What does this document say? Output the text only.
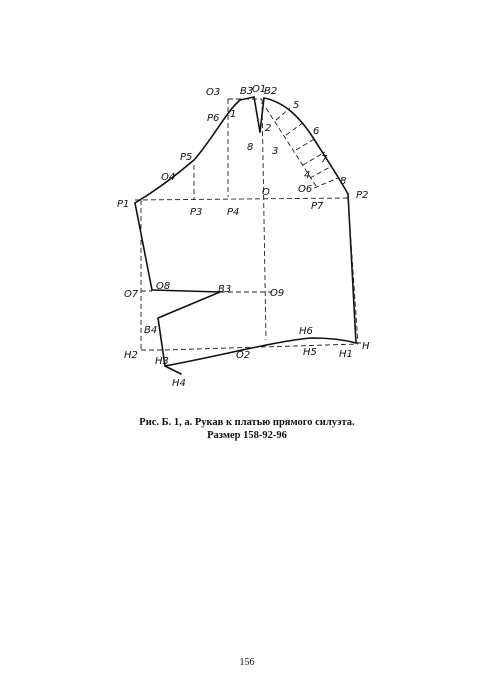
O3 B3
O1
B2
P6 1
2
5
6
8 3
7
P5
O4	4
8
O6
O
P1
P3 P4
P7
P2
O7
O8	B3	O9
B4	H6
H
H2
H3
O2	H5 H1
H4
Рис. Б. 1, а. Рукав к платью прямого силуэта.
Размер 158-92-96
156
